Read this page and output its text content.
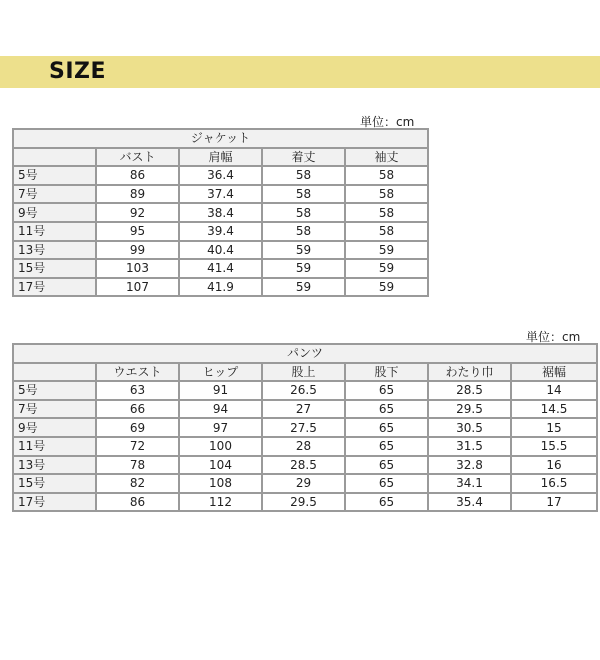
SIZE
単位：cm
ジャケット				
	バスト	肩幅	着丈	袖丈
5号	86	36.4	58	58
7号	89	37.4	58	58
9号	92	38.4	58	58
11号	95	39.4	58	58
13号	99	40.4	59	59
15号	103	41.4	59	59
17号	107	41.9	59	59
単位：cm
パンツ						
	ウエスト	ヒップ	股上	股下	わたり巾	裾幅
5号	63	91	26.5	65	28.5	14
7号	66	94	27	65	29.5	14.5
9号	69	97	27.5	65	30.5	15
11号	72	100	28	65	31.5	15.5
13号	78	104	28.5	65	32.8	16
15号	82	108	29	65	34.1	16.5
17号	86	112	29.5	65	35.4	17
